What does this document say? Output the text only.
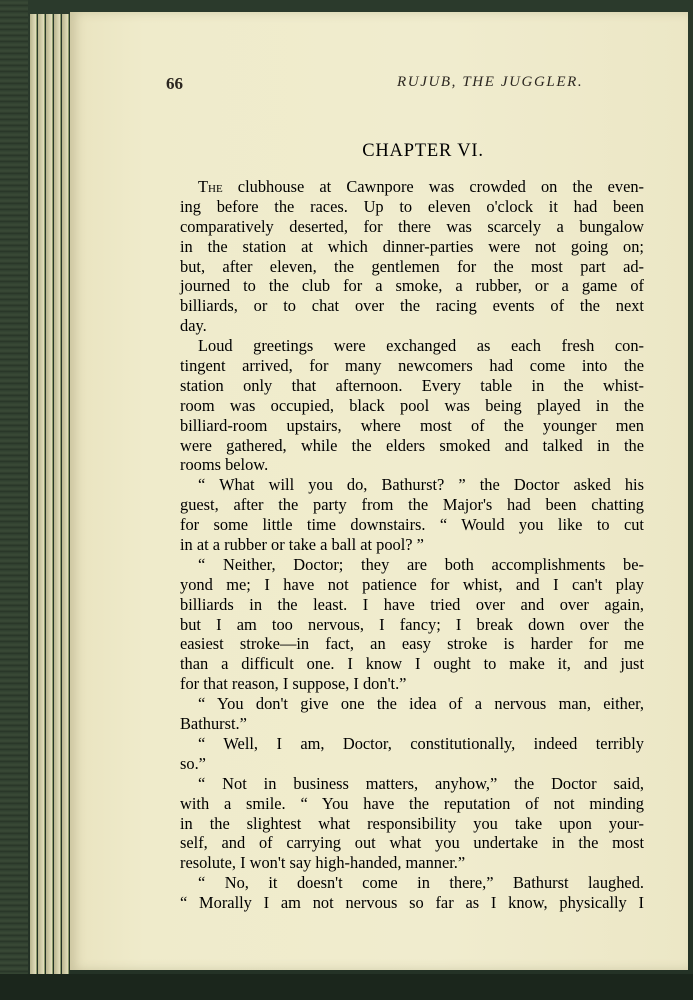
66	RUJUB, THE JUGGLER.
CHAPTER VI.
The clubhouse at Cawnpore was crowded on the even-
ing before the races. Up to eleven o'clock it had been
comparatively deserted, for there was scarcely a bungalow
in the station at which dinner-parties were not going on;
but, after eleven, the gentlemen for the most part ad-
journed to the club for a smoke, a rubber, or a game of
billiards, or to chat over the racing events of the next
day.
Loud greetings were exchanged as each fresh con-
tingent arrived, for many newcomers had come into the
station only that afternoon. Every table in the whist-
room was occupied, black pool was being played in the
billiard-room upstairs, where most of the younger men
were gathered, while the elders smoked and talked in the
rooms below.
“ What will you do, Bathurst? ” the Doctor asked his
guest, after the party from the Major's had been chatting
for some little time downstairs. “ Would you like to cut
in at a rubber or take a ball at pool? ”
“ Neither, Doctor; they are both accomplishments be-
yond me; I have not patience for whist, and I can't play
billiards in the least. I have tried over and over again,
but I am too nervous, I fancy; I break down over the
easiest stroke—in fact, an easy stroke is harder for me
than a difficult one. I know I ought to make it, and just
for that reason, I suppose, I don't.”
“ You don't give one the idea of a nervous man, either,
Bathurst.”
“ Well, I am, Doctor, constitutionally, indeed terribly
so.”
“ Not in business matters, anyhow,” the Doctor said,
with a smile. “ You have the reputation of not minding
in the slightest what responsibility you take upon your-
self, and of carrying out what you undertake in the most
resolute, I won't say high-handed, manner.”
“ No, it doesn't come in there,” Bathurst laughed.
“ Morally I am not nervous so far as I know, physically I
